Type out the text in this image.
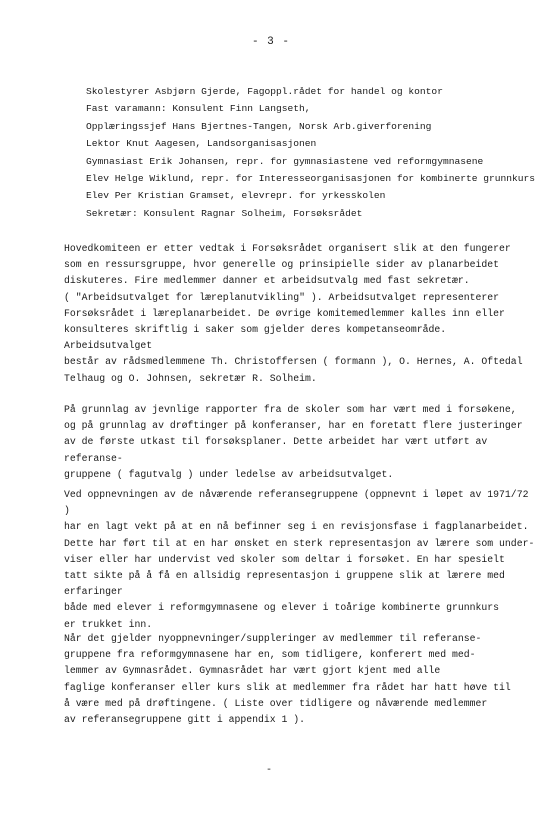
- 3 -
Skolestyrer Asbjørn Gjerde, Fagoppl.rådet for handel og kontor
Fast varamann: Konsulent Finn Langseth,
Opplæringssjef Hans Bjertnes-Tangen, Norsk Arb.giverforening
Lektor Knut Aagesen, Landsorganisasjonen
Gymnasiast Erik Johansen, repr. for gymnasiastene ved reformgymnasene
Elev Helge Wiklund, repr. for Interesseorganisasjonen for kombinerte grunnkurs
Elev Per Kristian Gramset, elevrepr. for yrkesskolen
Sekretær: Konsulent Ragnar Solheim, Forsøksrådet

Hovedkomiteen er etter vedtak i Forsøksrådet organisert slik at den fungerer

som en ressursgruppe, hvor generelle og prinsipielle sider av planarbeidet

diskuteres. Fire medlemmer danner et arbeidsutvalg med fast sekretær.

( "Arbeidsutvalget for læreplanutvikling" ). Arbeidsutvalget representerer

Forsøksrådet i læreplanarbeidet. De øvrige komitemedlemmer kalles inn eller

konsulteres skriftlig i saker som gjelder deres kompetanseområde. Arbeidsutvalget

består av rådsmedlemmene Th. Christoffersen ( formann ), O. Hernes, A. Oftedal

Telhaug og O. Johnsen, sekretær R. Solheim.

På grunnlag av jevnlige rapporter fra de skoler som har vært med i forsøkene,

og på grunnlag av drøftinger på konferanser, har en foretatt flere justeringer

av de første utkast til forsøksplaner. Dette arbeidet har vært utført av referanse-

gruppene ( fagutvalg ) under ledelse av arbeidsutvalget.

Ved oppnevningen av de nåværende referansegruppene (oppnevnt i løpet av 1971/72 )

har en lagt vekt på at en nå befinner seg i en revisjonsfase i fagplanarbeidet.

Dette har ført til at en har ønsket en sterk representasjon av lærere som under-

viser eller har undervist ved skoler som deltar i forsøket. En har spesielt

tatt sikte på å få en allsidig representasjon i gruppene slik at lærere med erfaringer

både med elever i reformgymnasene og elever i toårige kombinerte grunnkurs

er trukket inn.

Når det gjelder nyoppnevninger/suppleringer av medlemmer til referanse-

gruppene fra reformgymnasene har en, som tidligere, konferert med med-

lemmer av Gymnasrådet. Gymnasrådet har vært gjort kjent med alle

faglige konferanser eller kurs slik at medlemmer fra rådet har hatt høve til

å være med på drøftingene. ( Liste over tidligere og nåværende medlemmer

av referansegruppene gitt i appendix 1 ).

-
